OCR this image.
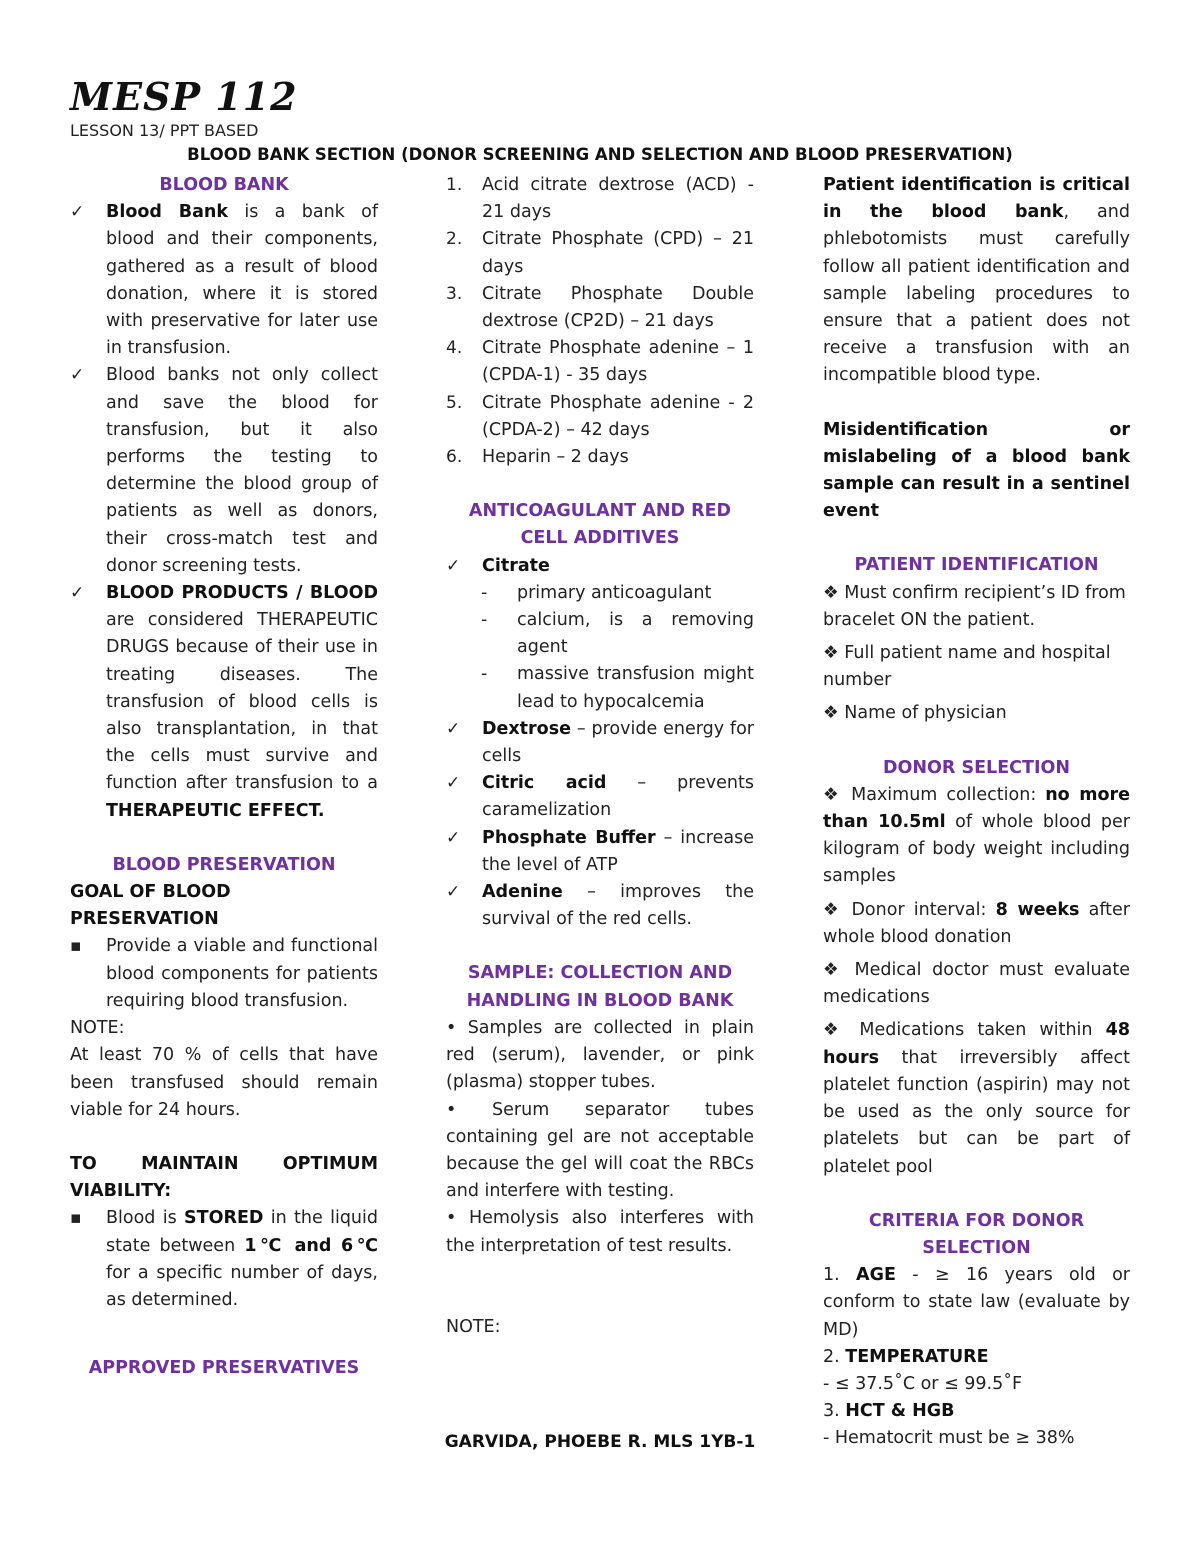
MESP 112
LESSON 13/ PPT BASED
BLOOD BANK SECTION (DONOR SCREENING AND SELECTION AND BLOOD PRESERVATION)
BLOOD BANK
✓	Blood Bank is a bank of blood and their components, gathered as a result of blood donation, where it is stored with preservative for later use in transfusion.
✓	Blood banks not only collect and save the blood for transfusion, but it also performs the testing to determine the blood group of patients as well as donors, their cross-match test and donor screening tests.
✓	BLOOD PRODUCTS / BLOOD are considered THERAPEUTIC DRUGS because of their use in treating diseases. The transfusion of blood cells is also transplantation, in that the cells must survive and function after transfusion to a THERAPEUTIC EFFECT.
BLOOD PRESERVATION
GOAL OF BLOOD PRESERVATION
▪	Provide a viable and functional blood components for patients requiring blood transfusion.
NOTE:
At least 70 % of cells that have been transfused should remain viable for 24 hours.
TO MAINTAIN OPTIMUM VIABILITY:
▪	Blood is STORED in the liquid state between 1℃ and 6℃ for a specific number of days, as determined.
APPROVED PRESERVATIVES
1.	Acid citrate dextrose (ACD) - 21 days
2.	Citrate Phosphate (CPD) – 21 days
3.	Citrate Phosphate Double dextrose (CP2D) – 21 days
4.	Citrate Phosphate adenine – 1 (CPDA-1) - 35 days
5.	Citrate Phosphate adenine - 2 (CPDA-2) – 42 days
6.	Heparin – 2 days
ANTICOAGULANT AND RED CELL ADDITIVES
✓	Citrate
-	primary anticoagulant
-	calcium, is a removing agent
-	massive transfusion might lead to hypocalcemia
✓	Dextrose – provide energy for cells
✓	Citric acid – prevents caramelization
✓	Phosphate Buffer – increase the level of ATP
✓	Adenine – improves the survival of the red cells.
SAMPLE: COLLECTION AND HANDLING IN BLOOD BANK
• Samples are collected in plain red (serum), lavender, or pink (plasma) stopper tubes.
• Serum separator tubes containing gel are not acceptable because the gel will coat the RBCs and interfere with testing.
• Hemolysis also interferes with the interpretation of test results.
NOTE:
Patient identification is critical in the blood bank, and phlebotomists must carefully follow all patient identification and sample labeling procedures to ensure that a patient does not receive a transfusion with an incompatible blood type.
Misidentification or mislabeling of a blood bank sample can result in a sentinel event
PATIENT IDENTIFICATION
❖ Must confirm recipient’s ID from bracelet ON the patient.
❖ Full patient name and hospital number
❖ Name of physician
DONOR SELECTION
❖ Maximum collection: no more than 10.5ml of whole blood per kilogram of body weight including samples
❖ Donor interval: 8 weeks after whole blood donation
❖ Medical doctor must evaluate medications
❖ Medications taken within 48 hours that irreversibly affect platelet function (aspirin) may not be used as the only source for platelets but can be part of platelet pool
CRITERIA FOR DONOR SELECTION
1. AGE - ≥ 16 years old or conform to state law (evaluate by MD)
2. TEMPERATURE
- ≤ 37.5˚C or ≤ 99.5˚F
3. HCT & HGB
- Hematocrit must be ≥ 38%
GARVIDA, PHOEBE R. MLS 1YB-1
